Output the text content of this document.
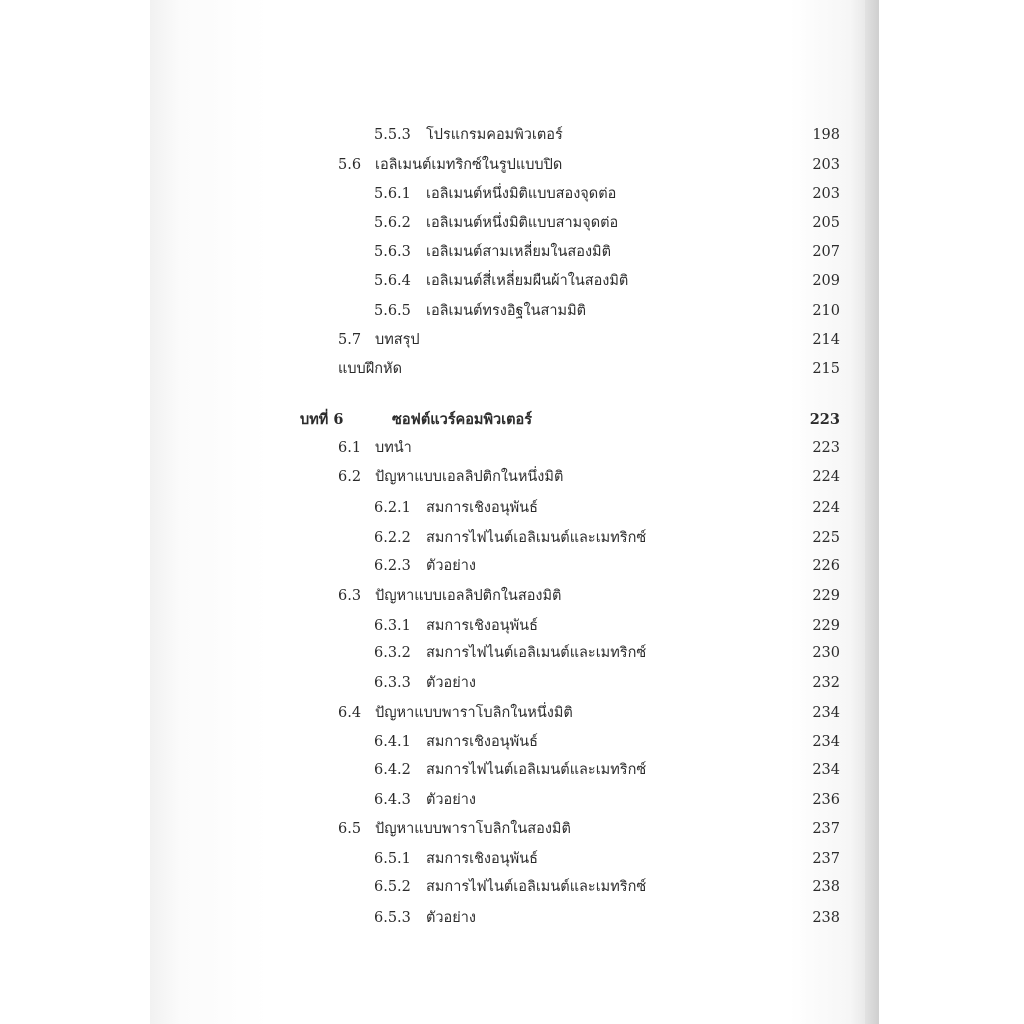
5.5.3 โปรแกรมคอมพิวเตอร์	198
5.6 เอลิเมนต์เมทริกซ์ในรูปแบบปิด	203
5.6.1 เอลิเมนต์หนึ่งมิติแบบสองจุดต่อ	203
5.6.2 เอลิเมนต์หนึ่งมิติแบบสามจุดต่อ	205
5.6.3 เอลิเมนต์สามเหลี่ยมในสองมิติ	207
5.6.4 เอลิเมนต์สี่เหลี่ยมผืนผ้าในสองมิติ	209
5.6.5 เอลิเมนต์ทรงอิฐในสามมิติ	210
5.7 บทสรุป	214
แบบฝึกหัด	215
บทที่ 6	ซอฟต์แวร์คอมพิวเตอร์	223
6.1 บทนำ	223
6.2 ปัญหาแบบเอลลิปติกในหนึ่งมิติ	224
6.2.1 สมการเชิงอนุพันธ์	224
6.2.2 สมการไฟไนต์เอลิเมนต์และเมทริกซ์	225
6.2.3 ตัวอย่าง	226
6.3 ปัญหาแบบเอลลิปติกในสองมิติ	229
6.3.1 สมการเชิงอนุพันธ์	229
6.3.2 สมการไฟไนต์เอลิเมนต์และเมทริกซ์	230
6.3.3 ตัวอย่าง	232
6.4 ปัญหาแบบพาราโบลิกในหนึ่งมิติ	234
6.4.1 สมการเชิงอนุพันธ์	234
6.4.2 สมการไฟไนต์เอลิเมนต์และเมทริกซ์	234
6.4.3 ตัวอย่าง	236
6.5 ปัญหาแบบพาราโบลิกในสองมิติ	237
6.5.1 สมการเชิงอนุพันธ์	237
6.5.2 สมการไฟไนต์เอลิเมนต์และเมทริกซ์	238
6.5.3 ตัวอย่าง	238
